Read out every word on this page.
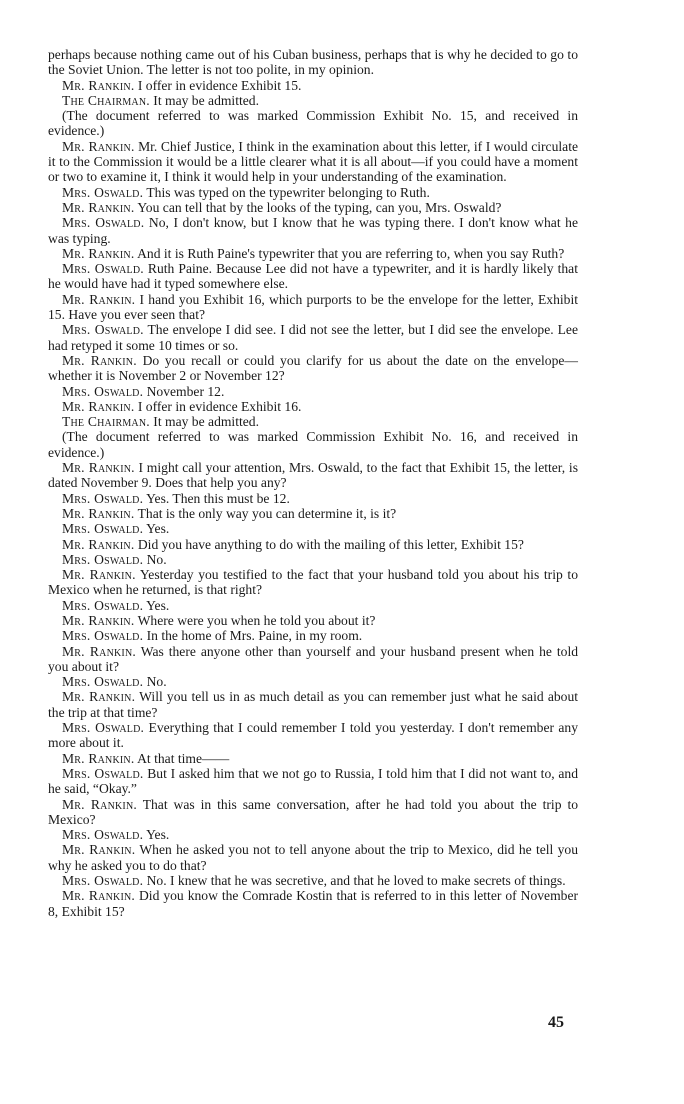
perhaps because nothing came out of his Cuban business, perhaps that is why he decided to go to the Soviet Union. The letter is not too polite, in my opinion.

Mr. Rankin. I offer in evidence Exhibit 15.

The Chairman. It may be admitted.

(The document referred to was marked Commission Exhibit No. 15, and received in evidence.)

Mr. Rankin. Mr. Chief Justice, I think in the examination about this letter, if I would circulate it to the Commission it would be a little clearer what it is all about—if you could have a moment or two to examine it, I think it would help in your understanding of the examination.

Mrs. Oswald. This was typed on the typewriter belonging to Ruth.

Mr. Rankin. You can tell that by the looks of the typing, can you, Mrs. Oswald?

Mrs. Oswald. No, I don't know, but I know that he was typing there. I don't know what he was typing.

Mr. Rankin. And it is Ruth Paine's typewriter that you are referring to, when you say Ruth?

Mrs. Oswald. Ruth Paine. Because Lee did not have a typewriter, and it is hardly likely that he would have had it typed somewhere else.

Mr. Rankin. I hand you Exhibit 16, which purports to be the envelope for the letter, Exhibit 15. Have you ever seen that?

Mrs. Oswald. The envelope I did see. I did not see the letter, but I did see the envelope. Lee had retyped it some 10 times or so.

Mr. Rankin. Do you recall or could you clarify for us about the date on the envelope—whether it is November 2 or November 12?

Mrs. Oswald. November 12.

Mr. Rankin. I offer in evidence Exhibit 16.

The Chairman. It may be admitted.

(The document referred to was marked Commission Exhibit No. 16, and received in evidence.)

Mr. Rankin. I might call your attention, Mrs. Oswald, to the fact that Exhibit 15, the letter, is dated November 9. Does that help you any?

Mrs. Oswald. Yes. Then this must be 12.

Mr. Rankin. That is the only way you can determine it, is it?

Mrs. Oswald. Yes.

Mr. Rankin. Did you have anything to do with the mailing of this letter, Exhibit 15?

Mrs. Oswald. No.

Mr. Rankin. Yesterday you testified to the fact that your husband told you about his trip to Mexico when he returned, is that right?

Mrs. Oswald. Yes.

Mr. Rankin. Where were you when he told you about it?

Mrs. Oswald. In the home of Mrs. Paine, in my room.

Mr. Rankin. Was there anyone other than yourself and your husband present when he told you about it?

Mrs. Oswald. No.

Mr. Rankin. Will you tell us in as much detail as you can remember just what he said about the trip at that time?

Mrs. Oswald. Everything that I could remember I told you yesterday. I don't remember any more about it.

Mr. Rankin. At that time——

Mrs. Oswald. But I asked him that we not go to Russia, I told him that I did not want to, and he said, “Okay.”

Mr. Rankin. That was in this same conversation, after he had told you about the trip to Mexico?

Mrs. Oswald. Yes.

Mr. Rankin. When he asked you not to tell anyone about the trip to Mexico, did he tell you why he asked you to do that?

Mrs. Oswald. No. I knew that he was secretive, and that he loved to make secrets of things.

Mr. Rankin. Did you know the Comrade Kostin that is referred to in this letter of November 8, Exhibit 15?

45
